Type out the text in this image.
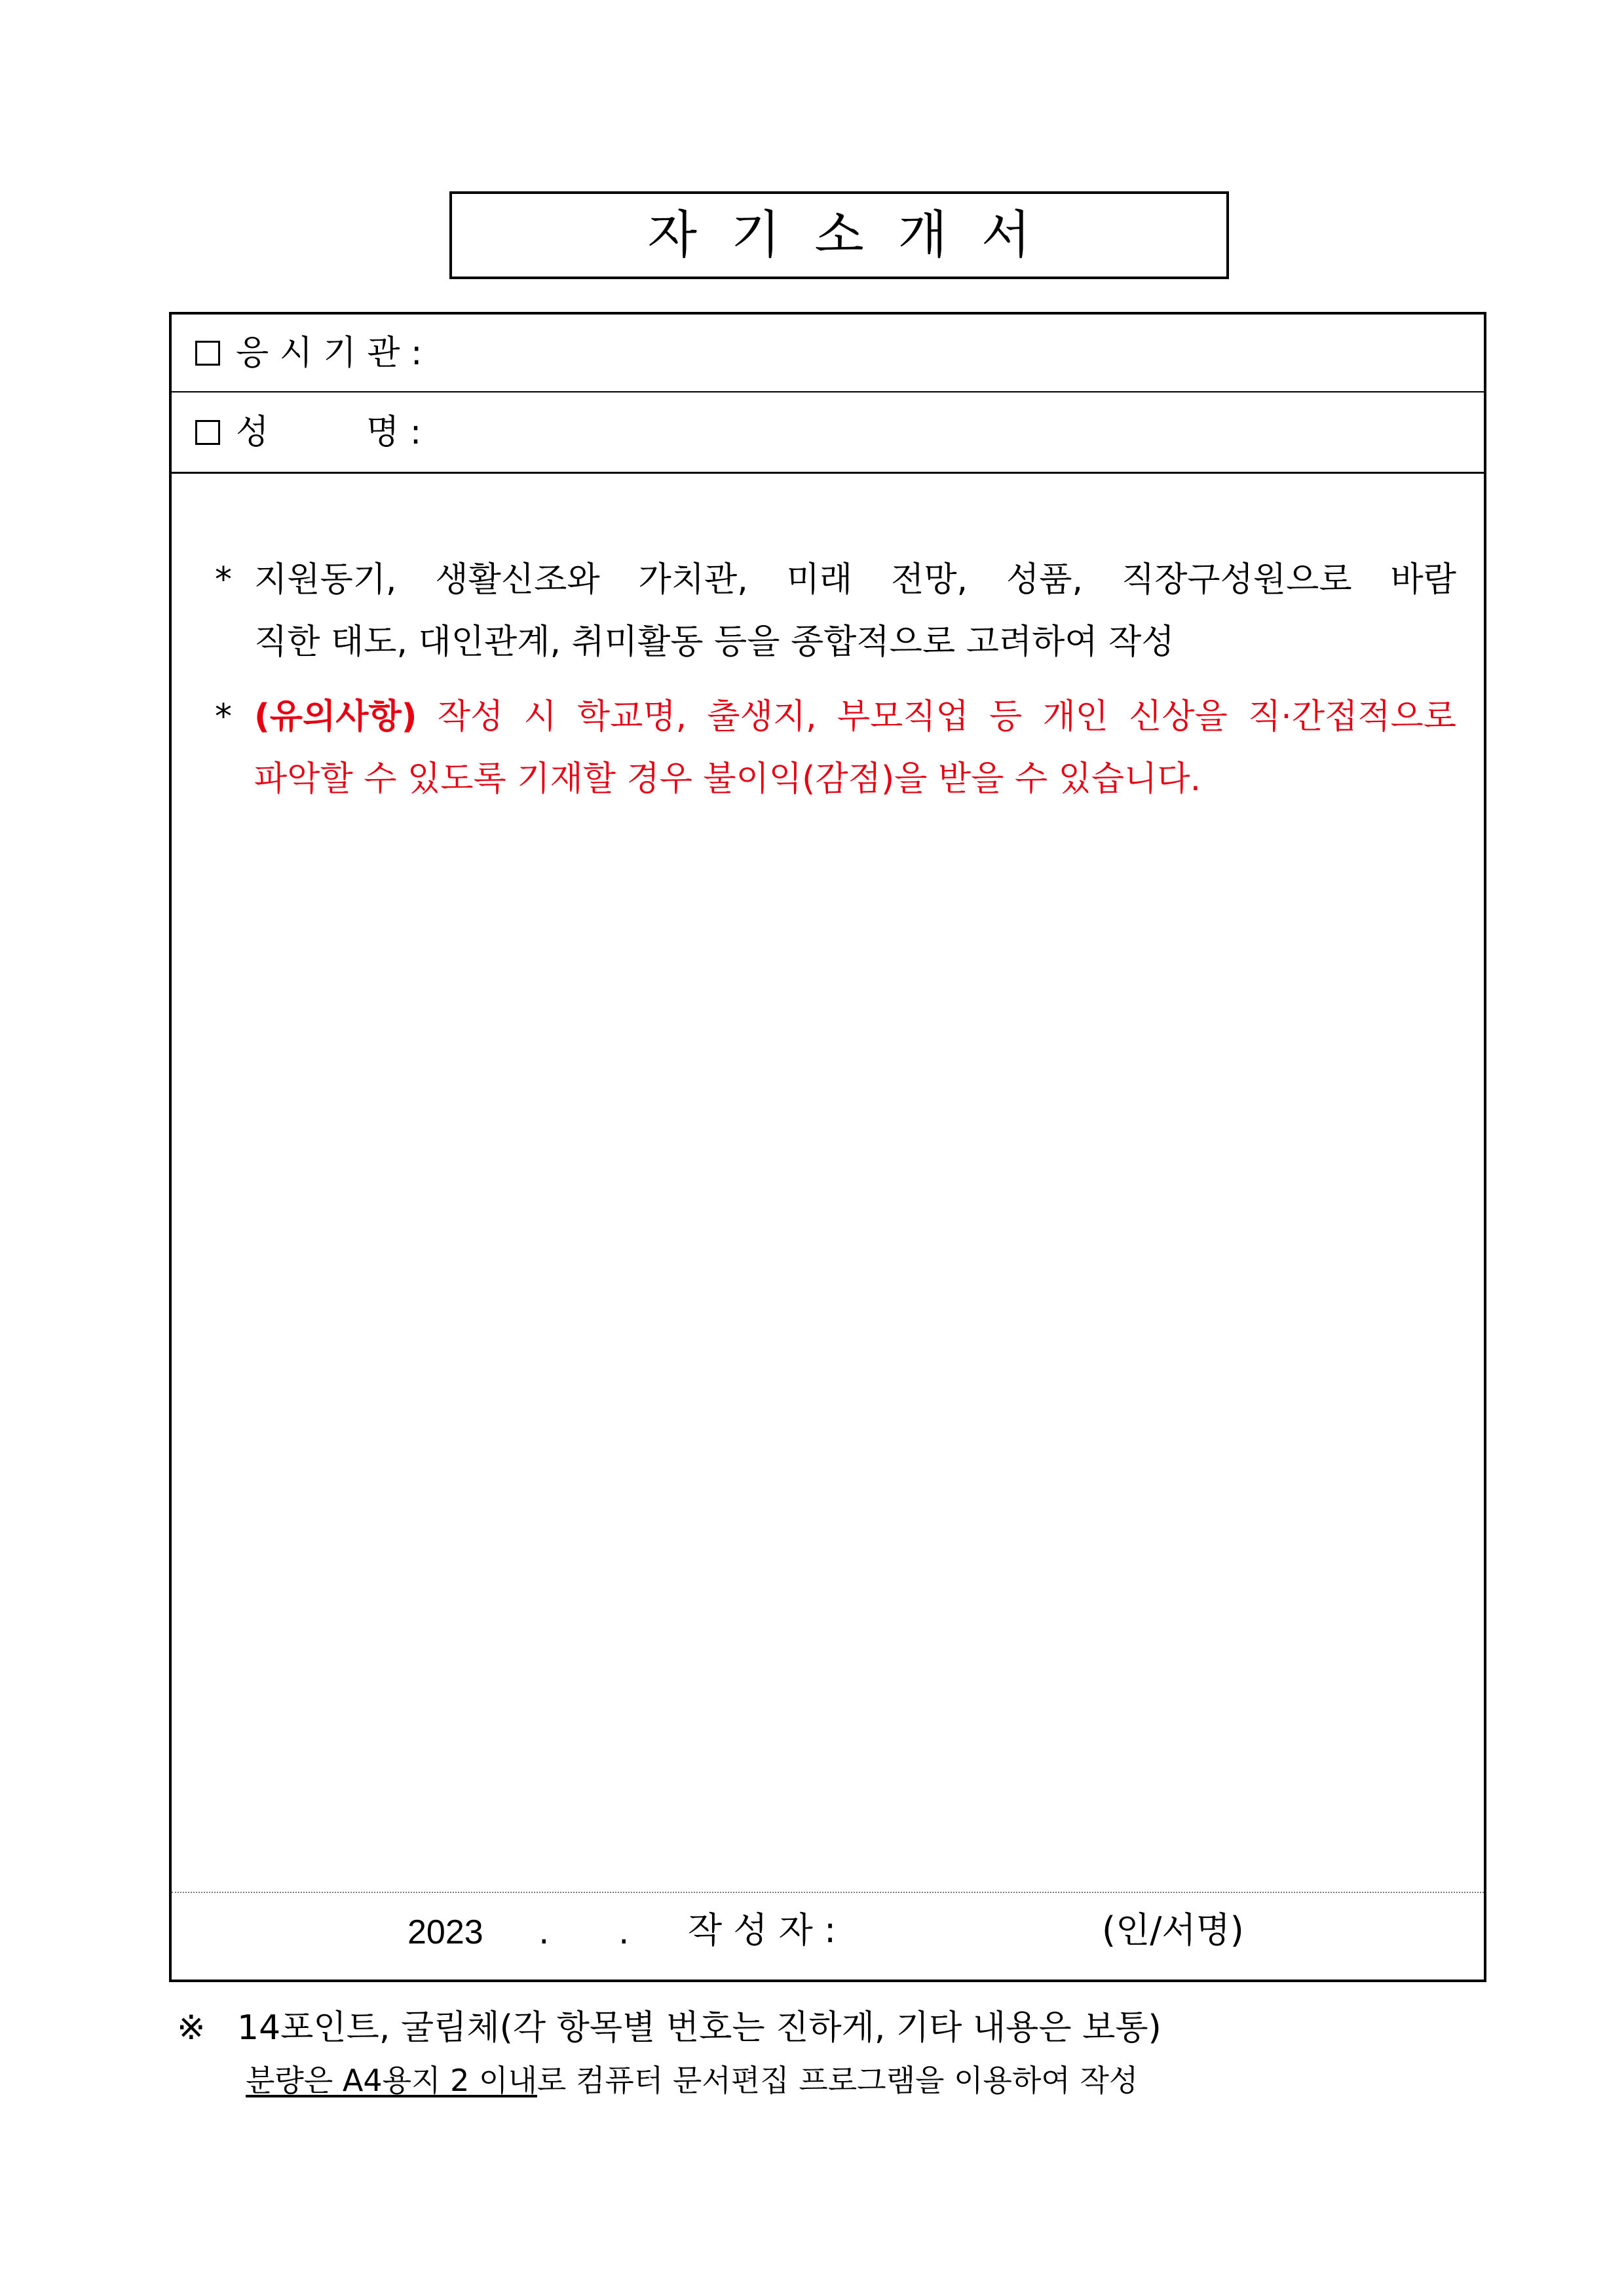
자기소개서
응 시 기 관 :
성         명 :
* 지원동기, 생활신조와 가치관, 미래 전망, 성품, 직장구성원으로 바람
직한 태도, 대인관계, 취미활동 등을 종합적으로 고려하여 작성
* (유의사항) 작성 시 학교명, 출생지, 부모직업 등 개인 신상을 직·간접적으로
파악할 수 있도록 기재할 경우 불이익(감점)을 받을 수 있습니다.
2023 . . 작 성 자 :	(인/서명)
※ 14포인트, 굴림체(각 항목별 번호는 진하게, 기타 내용은 보통)
분량은 A4용지 2 이내로 컴퓨터 문서편집 프로그램을 이용하여 작성
